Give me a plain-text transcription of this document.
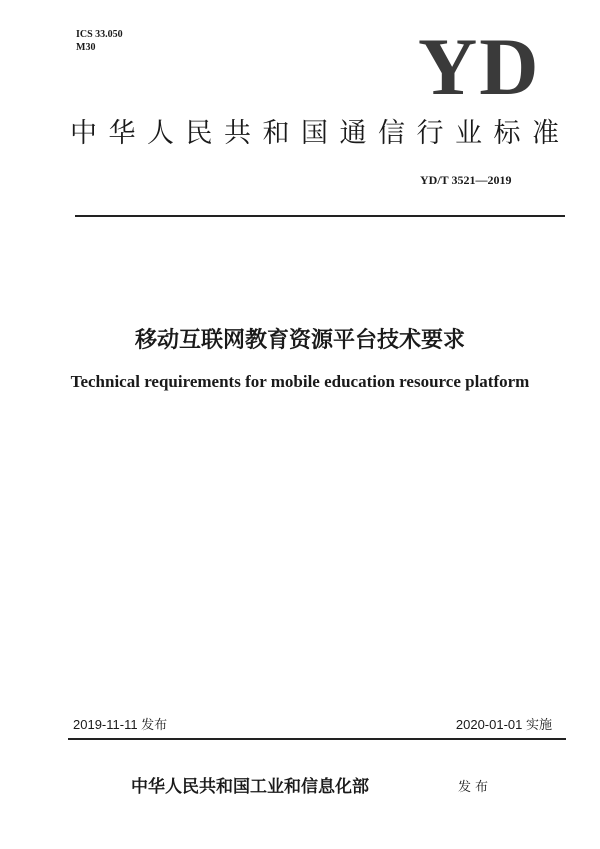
ICS 33.050
M30	YD
中华人民共和国通信行业标准
YD/T 3521—2019
移动互联网教育资源平台技术要求
Technical requirements for mobile education resource platform
2019-11-11 发布	2020-01-01 实施
中华人民共和国工业和信息化部	发布
